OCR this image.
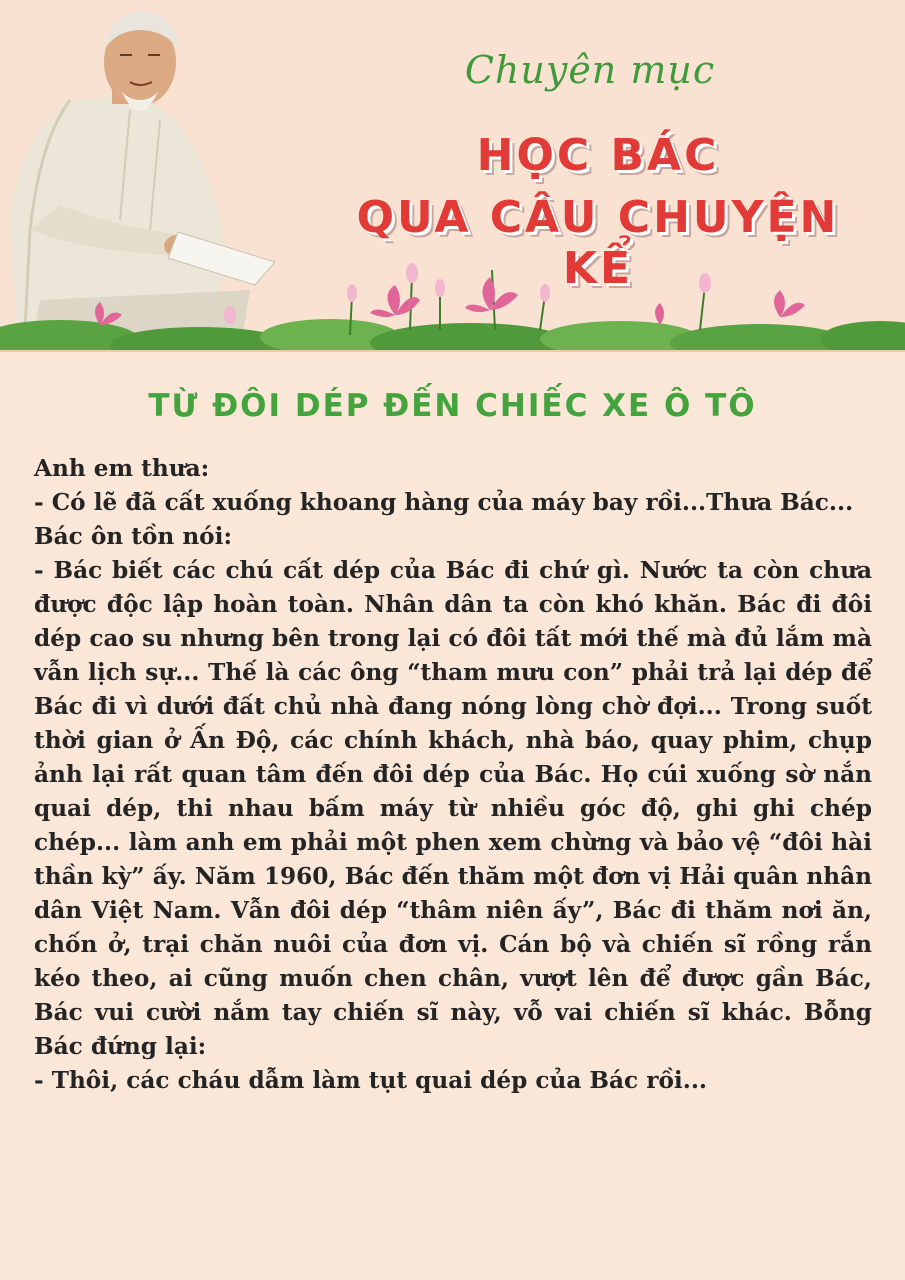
Chuyên mục
HỌC BÁC
QUA CÂU CHUYỆN KỂ
TỪ ĐÔI DÉP ĐẾN CHIẾC XE Ô TÔ

Anh em thưa:

- Có lẽ đã cất xuống khoang hàng của máy bay rồi...Thưa Bác...

Bác ôn tồn nói:

- Bác biết các chú cất dép của Bác đi chứ gì. Nước ta còn chưa được độc lập hoàn toàn. Nhân dân ta còn khó khăn. Bác đi đôi dép cao su nhưng bên trong lại có đôi tất mới thế mà đủ lắm mà vẫn lịch sự... Thế là các ông “tham mưu con” phải trả lại dép để Bác đi vì dưới đất chủ nhà đang nóng lòng chờ đợi... Trong suốt thời gian ở Ấn Độ, các chính khách, nhà báo, quay phim, chụp ảnh lại rất quan tâm đến đôi dép của Bác. Họ cúi xuống sờ nắn quai dép, thi nhau bấm máy từ nhiều góc độ, ghi ghi chép chép... làm anh em phải một phen xem chừng và bảo vệ “đôi hài thần kỳ” ấy. Năm 1960, Bác đến thăm một đơn vị Hải quân nhân dân Việt Nam. Vẫn đôi dép “thâm niên ấy”, Bác đi thăm nơi ăn, chốn ở, trại chăn nuôi của đơn vị. Cán bộ và chiến sĩ rồng rắn kéo theo, ai cũng muốn chen chân, vượt lên để được gần Bác, Bác vui cười nắm tay chiến sĩ này, vỗ vai chiến sĩ khác. Bỗng Bác đứng lại:

- Thôi, các cháu dẫm làm tụt quai dép của Bác rồi...
